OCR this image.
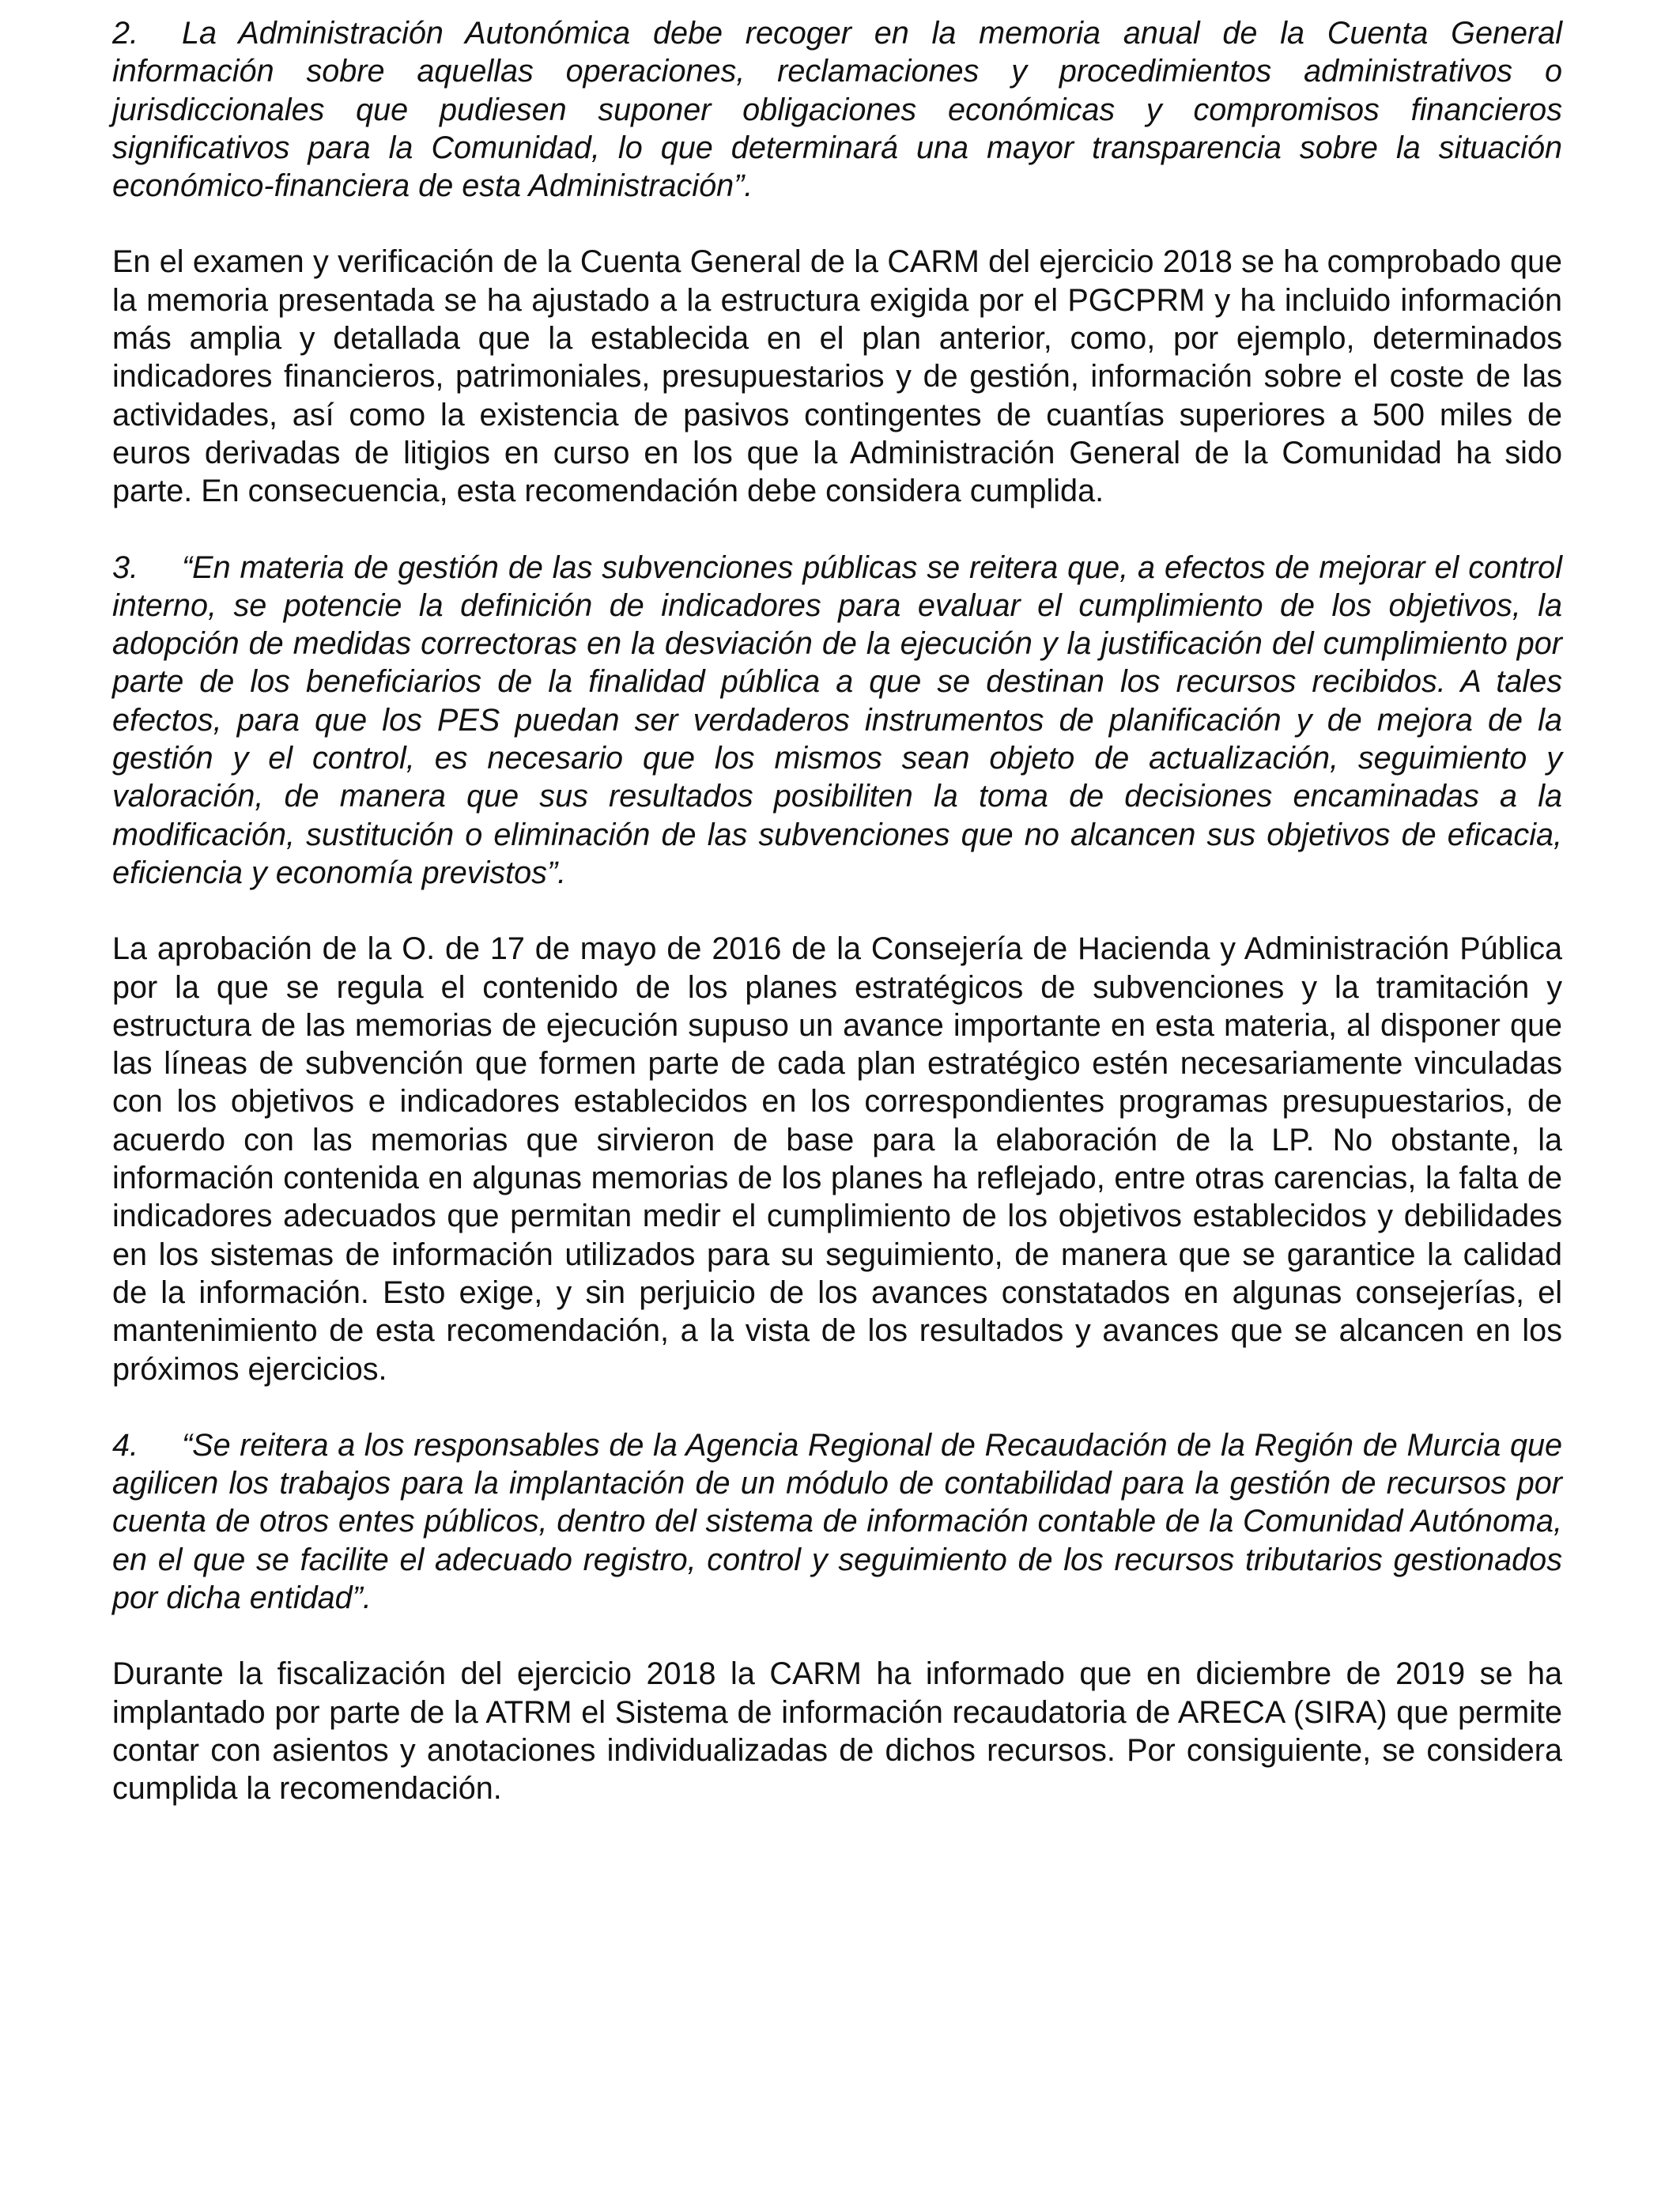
2. La Administración Autonómica debe recoger en la memoria anual de la Cuenta General información sobre aquellas operaciones, reclamaciones y procedimientos administrativos o jurisdiccionales que pudiesen suponer obligaciones económicas y compromisos financieros significativos para la Comunidad, lo que determinará una mayor transparencia sobre la situación económico-financiera de esta Administración”.

En el examen y verificación de la Cuenta General de la CARM del ejercicio 2018 se ha comprobado que la memoria presentada se ha ajustado a la estructura exigida por el PGCPRM y ha incluido información más amplia y detallada que la establecida en el plan anterior, como, por ejemplo, determinados indicadores financieros, patrimoniales, presupuestarios y de gestión, información sobre el coste de las actividades, así como la existencia de pasivos contingentes de cuantías superiores a 500 miles de euros derivadas de litigios en curso en los que la Administración General de la Comunidad ha sido parte. En consecuencia, esta recomendación debe considera cumplida.

3. “En materia de gestión de las subvenciones públicas se reitera que, a efectos de mejorar el control interno, se potencie la definición de indicadores para evaluar el cumplimiento de los objetivos, la adopción de medidas correctoras en la desviación de la ejecución y la justificación del cumplimiento por parte de los beneficiarios de la finalidad pública a que se destinan los recursos recibidos. A tales efectos, para que los PES puedan ser verdaderos instrumentos de planificación y de mejora de la gestión y el control, es necesario que los mismos sean objeto de actualización, seguimiento y valoración, de manera que sus resultados posibiliten la toma de decisiones encaminadas a la modificación, sustitución o eliminación de las subvenciones que no alcancen sus objetivos de eficacia, eficiencia y economía previstos”.

La aprobación de la O. de 17 de mayo de 2016 de la Consejería de Hacienda y Administración Pública por la que se regula el contenido de los planes estratégicos de subvenciones y la tramitación y estructura de las memorias de ejecución supuso un avance importante en esta materia, al disponer que las líneas de subvención que formen parte de cada plan estratégico estén necesariamente vinculadas con los objetivos e indicadores establecidos en los correspondientes programas presupuestarios, de acuerdo con las memorias que sirvieron de base para la elaboración de la LP. No obstante, la información contenida en algunas memorias de los planes ha reflejado, entre otras carencias, la falta de indicadores adecuados que permitan medir el cumplimiento de los objetivos establecidos y debilidades en los sistemas de información utilizados para su seguimiento, de manera que se garantice la calidad de la información. Esto exige, y sin perjuicio de los avances constatados en algunas consejerías, el mantenimiento de esta recomendación, a la vista de los resultados y avances que se alcancen en los próximos ejercicios.

4. “Se reitera a los responsables de la Agencia Regional de Recaudación de la Región de Murcia que agilicen los trabajos para la implantación de un módulo de contabilidad para la gestión de recursos por cuenta de otros entes públicos, dentro del sistema de información contable de la Comunidad Autónoma, en el que se facilite el adecuado registro, control y seguimiento de los recursos tributarios gestionados por dicha entidad”.

Durante la fiscalización del ejercicio 2018 la CARM ha informado que en diciembre de 2019 se ha implantado por parte de la ATRM el Sistema de información recaudatoria de ARECA (SIRA) que permite contar con asientos y anotaciones individualizadas de dichos recursos. Por consiguiente, se considera cumplida la recomendación.
